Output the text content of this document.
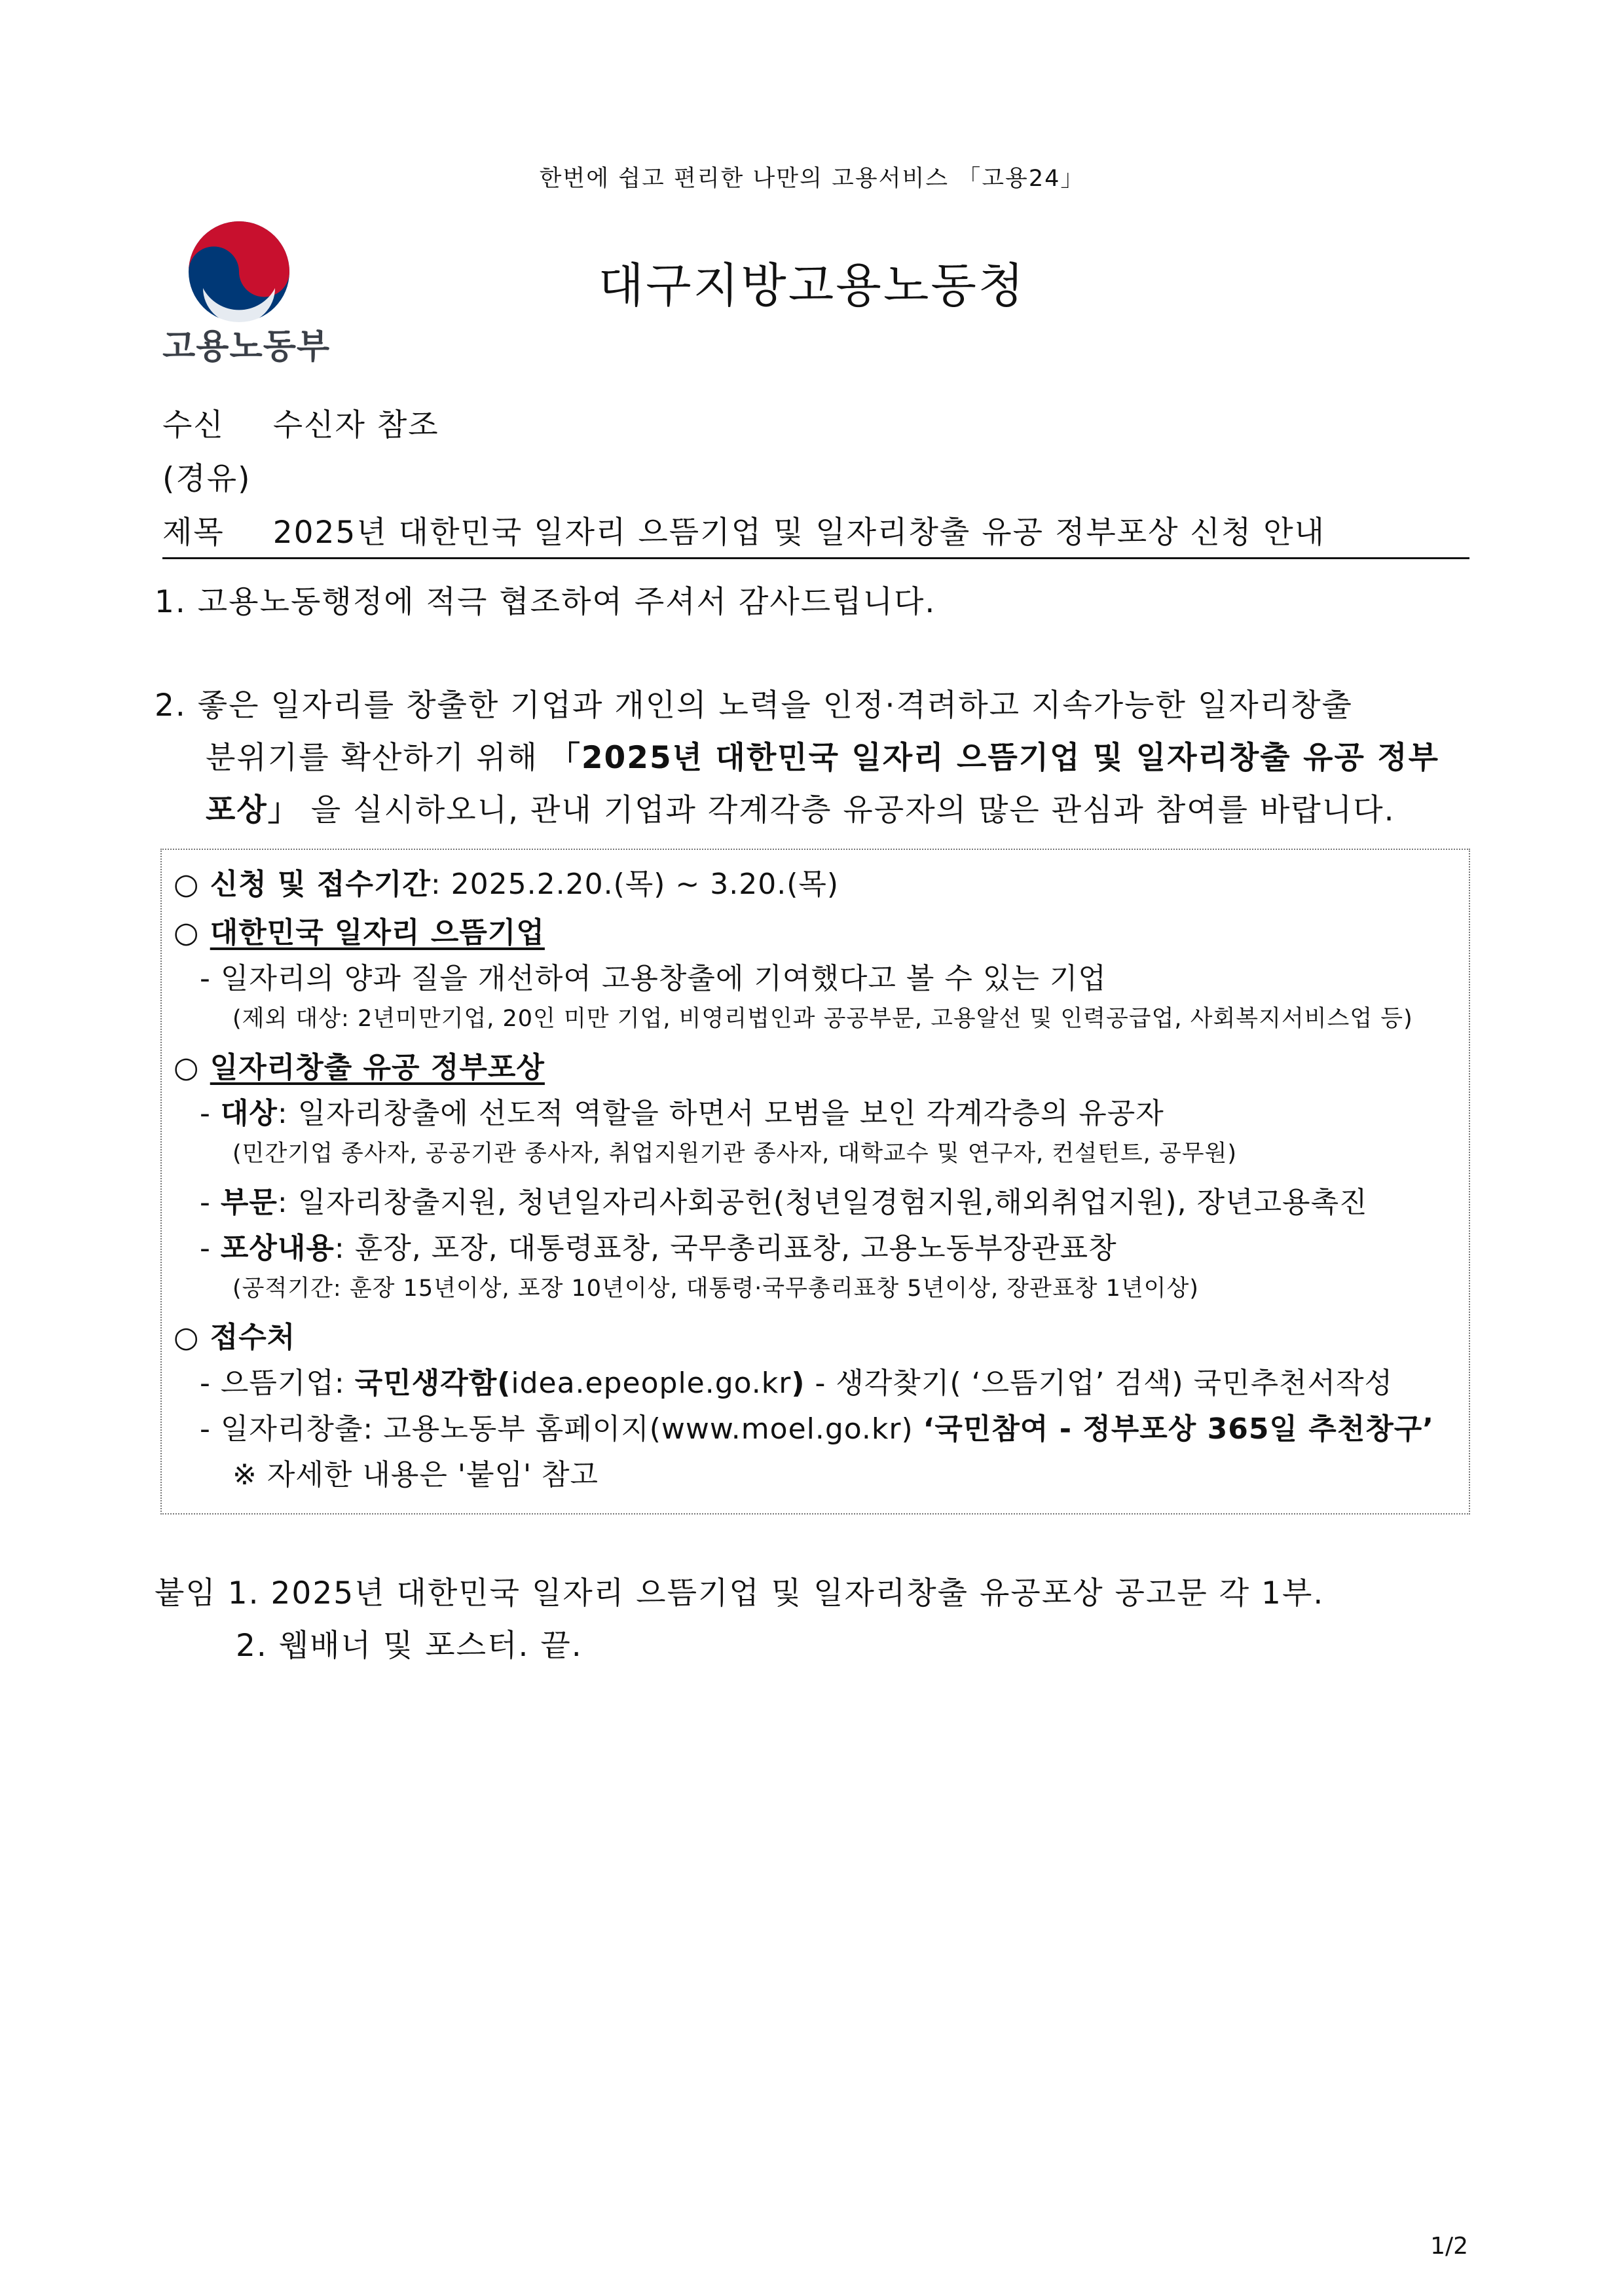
한번에 쉽고 편리한 나만의 고용서비스 「고용24」
고용노동부
대구지방고용노동청
수신 수신자 참조
(경유)
제목 2025년 대한민국 일자리 으뜸기업 및 일자리창출 유공 정부포상 신청 안내
1. 고용노동행정에 적극 협조하여 주셔서 감사드립니다.
2. 좋은 일자리를 창출한 기업과 개인의 노력을 인정·격려하고 지속가능한 일자리창출
분위기를 확산하기 위해 「2025년 대한민국 일자리 으뜸기업 및 일자리창출 유공 정부
포상」 을 실시하오니, 관내 기업과 각계각층 유공자의 많은 관심과 참여를 바랍니다.
○ 신청 및 접수기간: 2025.2.20.(목) ~ 3.20.(목)
○ 대한민국 일자리 으뜸기업
- 일자리의 양과 질을 개선하여 고용창출에 기여했다고 볼 수 있는 기업
(제외 대상: 2년미만기업, 20인 미만 기업, 비영리법인과 공공부문, 고용알선 및 인력공급업, 사회복지서비스업 등)
○ 일자리창출 유공 정부포상
- 대상: 일자리창출에 선도적 역할을 하면서 모범을 보인 각계각층의 유공자
(민간기업 종사자, 공공기관 종사자, 취업지원기관 종사자, 대학교수 및 연구자, 컨설턴트, 공무원)
- 부문: 일자리창출지원, 청년일자리사회공헌(청년일경험지원,해외취업지원), 장년고용촉진
- 포상내용: 훈장, 포장, 대통령표창, 국무총리표창, 고용노동부장관표창
(공적기간: 훈장 15년이상, 포장 10년이상, 대통령·국무총리표창 5년이상, 장관표창 1년이상)
○ 접수처
- 으뜸기업: 국민생각함(idea.epeople.go.kr) - 생각찾기( ‘으뜸기업’ 검색) 국민추천서작성
- 일자리창출: 고용노동부 홈페이지(www.moel.go.kr) ‘국민참여 - 정부포상 365일 추천창구’
※ 자세한 내용은 '붙임' 참고
붙임 1. 2025년 대한민국 일자리 으뜸기업 및 일자리창출 유공포상 공고문 각 1부.
2. 웹배너 및 포스터. 끝.
1/2
